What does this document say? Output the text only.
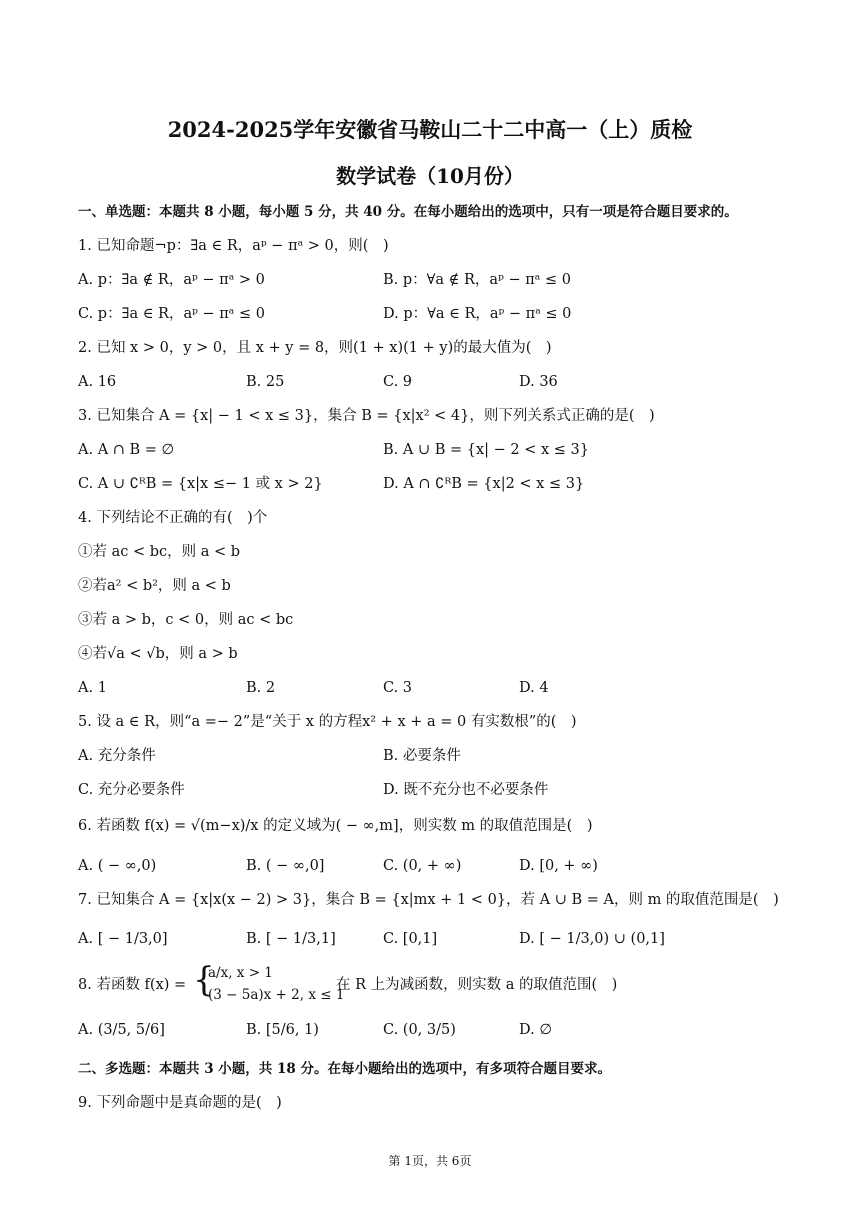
2024-2025学年安徽省马鞍山二十二中高一（上）质检
数学试卷（10月份）
一、单选题：本题共 8 小题，每小题 5 分，共 40 分。在每小题给出的选项中，只有一项是符合题目要求的。
1. 已知命题¬p：∃a ∈ R，aᵖ − πᵃ > 0，则(　)
A. p：∃a ∉ R，aᵖ − πᵃ > 0	B. p：∀a ∉ R，aᵖ − πᵃ ≤ 0
C. p：∃a ∈ R，aᵖ − πᵃ ≤ 0	D. p：∀a ∈ R，aᵖ − πᵃ ≤ 0
2. 已知 x > 0，y > 0，且 x + y = 8，则(1 + x)(1 + y)的最大值为(　)
A. 16	B. 25	C. 9	D. 36
3. 已知集合 A = {x| − 1 < x ≤ 3}，集合 B = {x|x² < 4}，则下列关系式正确的是(　)
A. A ∩ B = ∅	B. A ∪ B = {x| − 2 < x ≤ 3}
C. A ∪ ∁ᴿB = {x|x ≤− 1 或 x > 2}	D. A ∩ ∁ᴿB = {x|2 < x ≤ 3}
4. 下列结论不正确的有(　)个
①若 ac < bc，则 a < b
②若a² < b²，则 a < b
③若 a > b，c < 0，则 ac < bc
④若√a < √b，则 a > b
A. 1	B. 2	C. 3	D. 4
5. 设 a ∈ R，则“a =− 2”是“关于 x 的方程x² + x + a = 0 有实数根”的(　)
A. 充分条件	B. 必要条件
C. 充分必要条件	D. 既不充分也不必要条件
6. 若函数 f(x) = √(m−x)/x 的定义域为( − ∞,m]，则实数 m 的取值范围是(　)
A. ( − ∞,0)	B. ( − ∞,0]	C. (0, + ∞)	D. [0, + ∞)
7. 已知集合 A = {x|x(x − 2) > 3}，集合 B = {x|mx + 1 < 0}，若 A ∪ B = A，则 m 的取值范围是(　)
A. [ − 1/3,0]	B. [ − 1/3,1]	C. [0,1]	D. [ − 1/3,0) ∪ (0,1]
8. 若函数 f(x) = {
a/x, x > 1
(3 − 5a)x + 2, x ≤ 1
在 R 上为减函数，则实数 a 的取值范围(　)
A. (3/5, 5/6]	B. [5/6, 1)	C. (0, 3/5)	D. ∅
二、多选题：本题共 3 小题，共 18 分。在每小题给出的选项中，有多项符合题目要求。
9. 下列命题中是真命题的是(　)
第 1页，共 6页
